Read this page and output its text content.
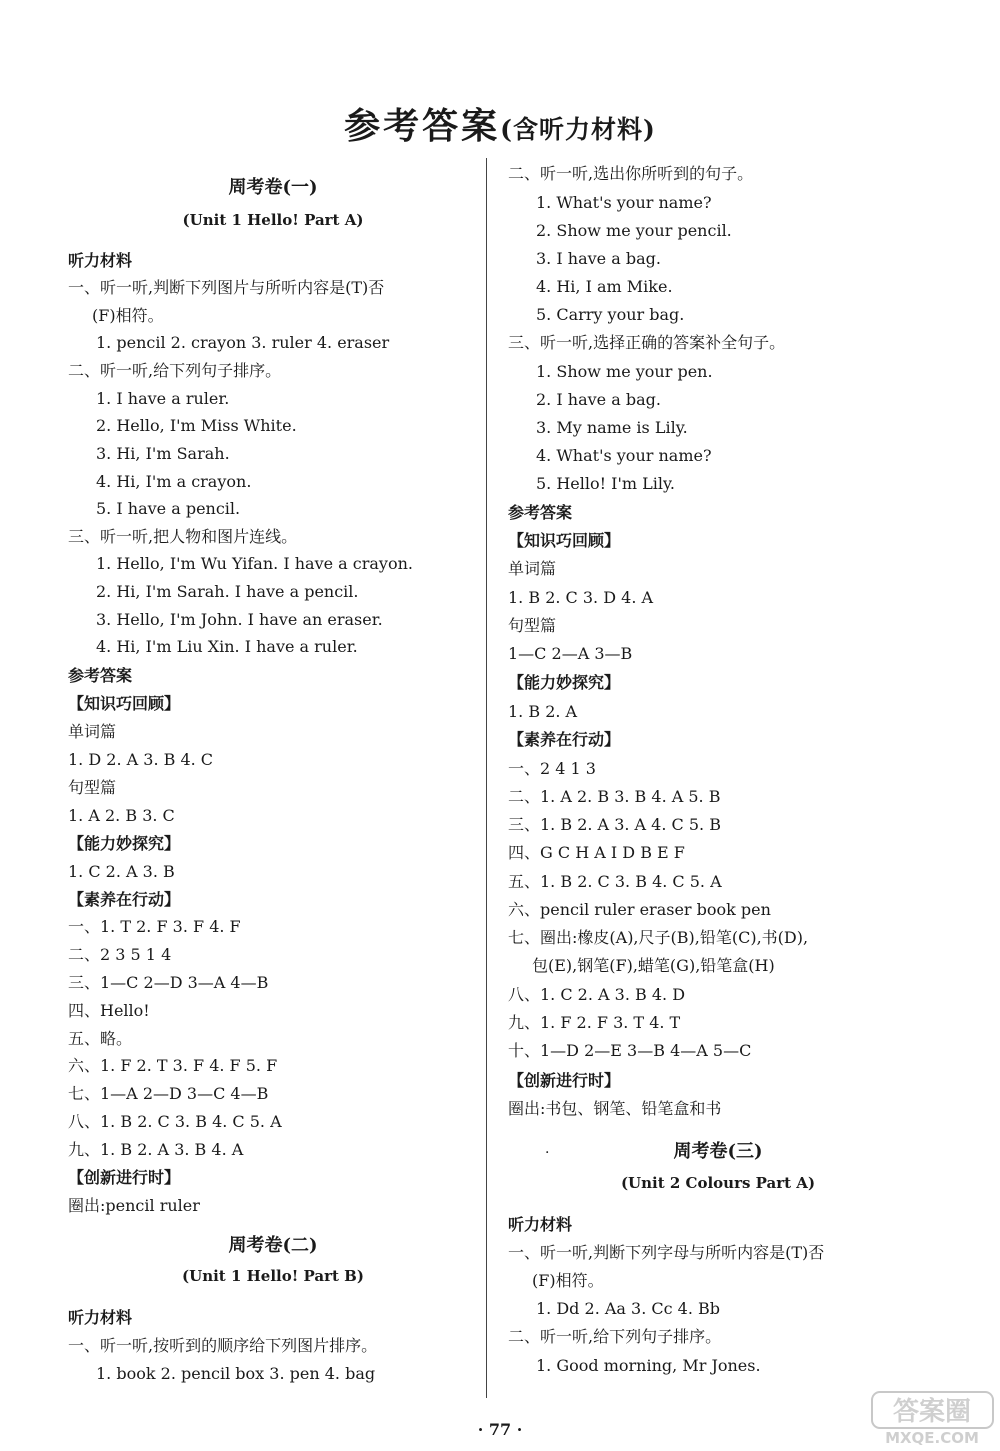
参考答案(含听力材料)
周考卷(一)
(Unit 1 Hello! Part A)
听力材料
一、听一听,判断下列图片与所听内容是(T)否
(F)相符。
1. pencil 2. crayon 3. ruler 4. eraser
二、听一听,给下列句子排序。
1. I have a ruler.
2. Hello, I'm Miss White.
3. Hi, I'm Sarah.
4. Hi, I'm a crayon.
5. I have a pencil.
三、听一听,把人物和图片连线。
1. Hello, I'm Wu Yifan. I have a crayon.
2. Hi, I'm Sarah. I have a pencil.
3. Hello, I'm John. I have an eraser.
4. Hi, I'm Liu Xin. I have a ruler.
参考答案
【知识巧回顾】
单词篇
1. D 2. A 3. B 4. C
句型篇
1. A 2. B 3. C
【能力妙探究】
1. C 2. A 3. B
【素养在行动】
一、1. T 2. F 3. F 4. F
二、2 3 5 1 4
三、1—C 2—D 3—A 4—B
四、Hello!
五、略。
六、1. F 2. T 3. F 4. F 5. F
七、1—A 2—D 3—C 4—B
八、1. B 2. C 3. B 4. C 5. A
九、1. B 2. A 3. B 4. A
【创新进行时】
圈出:pencil ruler
周考卷(二)
(Unit 1 Hello! Part B)
听力材料
一、听一听,按听到的顺序给下列图片排序。
1. book 2. pencil box 3. pen 4. bag
二、听一听,选出你所听到的句子。
1. What's your name?
2. Show me your pencil.
3. I have a bag.
4. Hi, I am Mike.
5. Carry your bag.
三、听一听,选择正确的答案补全句子。
1. Show me your pen.
2. I have a bag.
3. My name is Lily.
4. What's your name?
5. Hello! I'm Lily.
参考答案
【知识巧回顾】
单词篇
1. B 2. C 3. D 4. A
句型篇
1—C 2—A 3—B
【能力妙探究】
1. B 2. A
【素养在行动】
一、2 4 1 3
二、1. A 2. B 3. B 4. A 5. B
三、1. B 2. A 3. A 4. C 5. B
四、G C H A I D B E F
五、1. B 2. C 3. B 4. C 5. A
六、pencil ruler eraser book pen
七、圈出:橡皮(A),尺子(B),铅笔(C),书(D),
包(E),钢笔(F),蜡笔(G),铅笔盒(H)
八、1. C 2. A 3. B 4. D
九、1. F 2. F 3. T 4. T
十、1—D 2—E 3—B 4—A 5—C
【创新进行时】
圈出:书包、钢笔、铅笔盒和书
周考卷(三)
(Unit 2 Colours Part A)
听力材料
一、听一听,判断下列字母与所听内容是(T)否
(F)相符。
1. Dd 2. Aa 3. Cc 4. Bb
二、听一听,给下列句子排序。
1. Good morning, Mr Jones.
·
· 77 ·
答案圈
MXQE.COM
